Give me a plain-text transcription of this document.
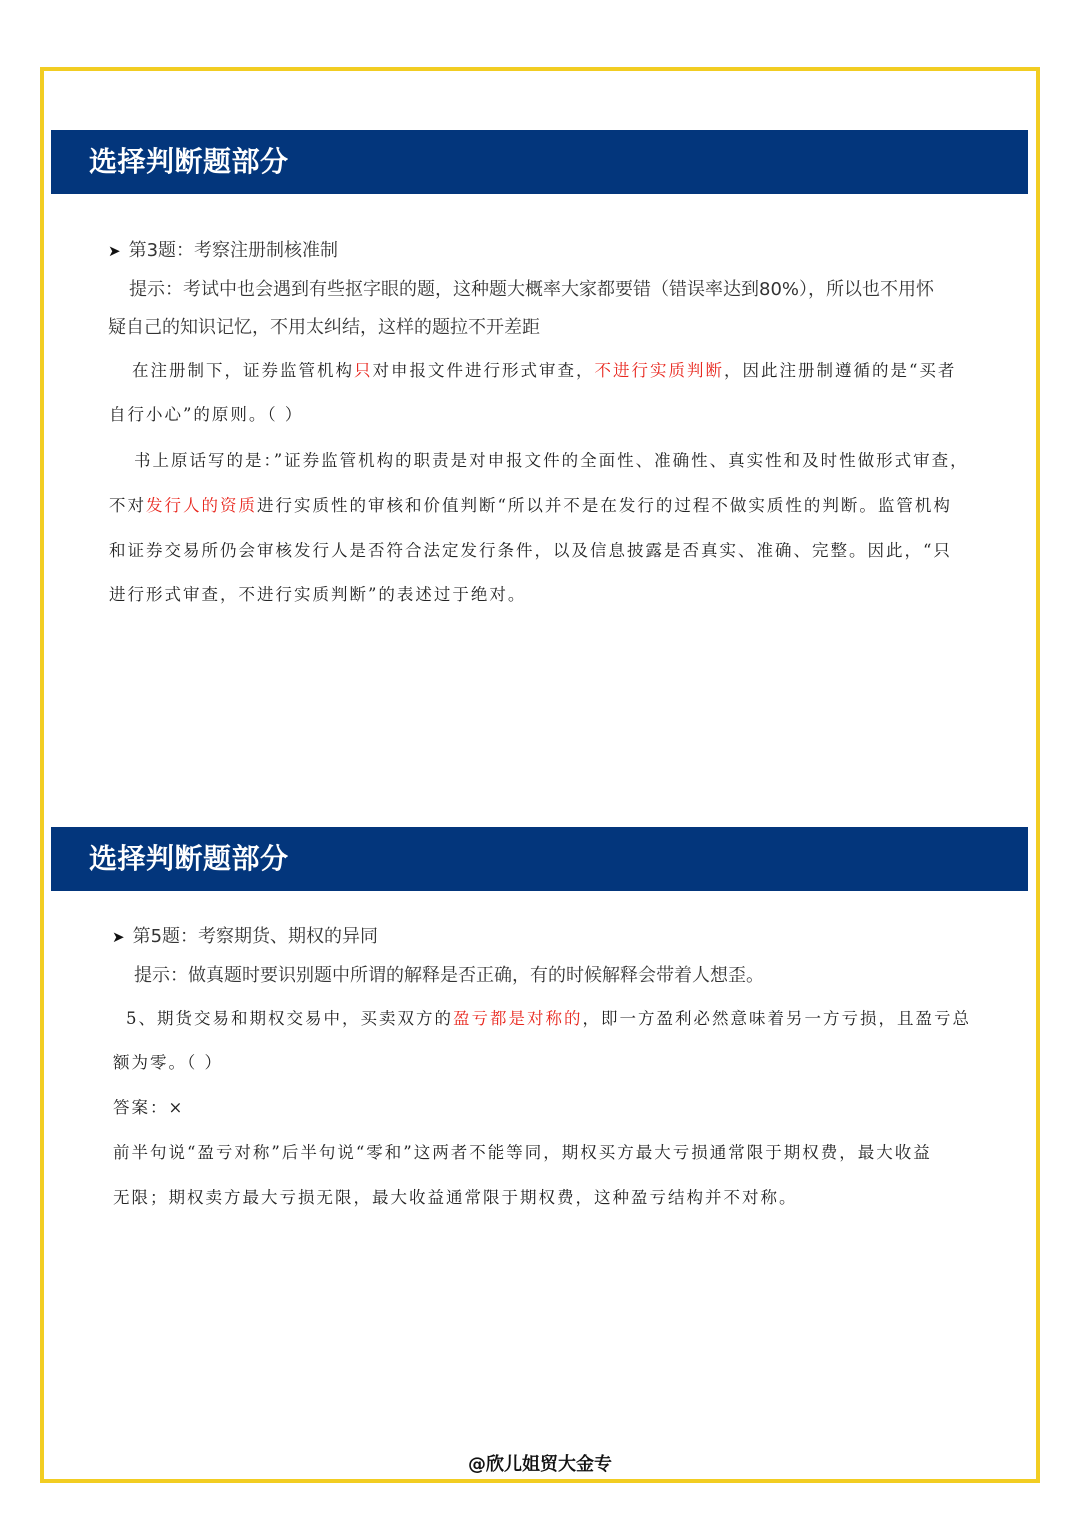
选择判断题部分
➤ 第3题：考察注册制核准制
提示：考试中也会遇到有些抠字眼的题，这种题大概率大家都要错（错误率达到80%），所以也不用怀
疑自己的知识记忆，不用太纠结，这样的题拉不开差距
在注册制下，证券监管机构只对申报文件进行形式审查，不进行实质判断，因此注册制遵循的是“买者
自行小心”的原则。（ ）
书上原话写的是：”证券监管机构的职责是对申报文件的全面性、准确性、真实性和及时性做形式审查，
不对发行人的资质进行实质性的审核和价值判断“所以并不是在发行的过程不做实质性的判断。监管机构
和证券交易所仍会审核发行人是否符合法定发行条件，以及信息披露是否真实、准确、完整。因此，“只
进行形式审查，不进行实质判断”的表述过于绝对。
选择判断题部分
➤ 第5题：考察期货、期权的异同
提示：做真题时要识别题中所谓的解释是否正确，有的时候解释会带着人想歪。
5、期货交易和期权交易中，买卖双方的盈亏都是对称的，即一方盈利必然意味着另一方亏损，且盈亏总
额为零。（ ）
答案：×
前半句说“盈亏对称”后半句说“零和”这两者不能等同，期权买方最大亏损通常限于期权费，最大收益
无限；期权卖方最大亏损无限，最大收益通常限于期权费，这种盈亏结构并不对称。
@欣儿姐贸大金专
